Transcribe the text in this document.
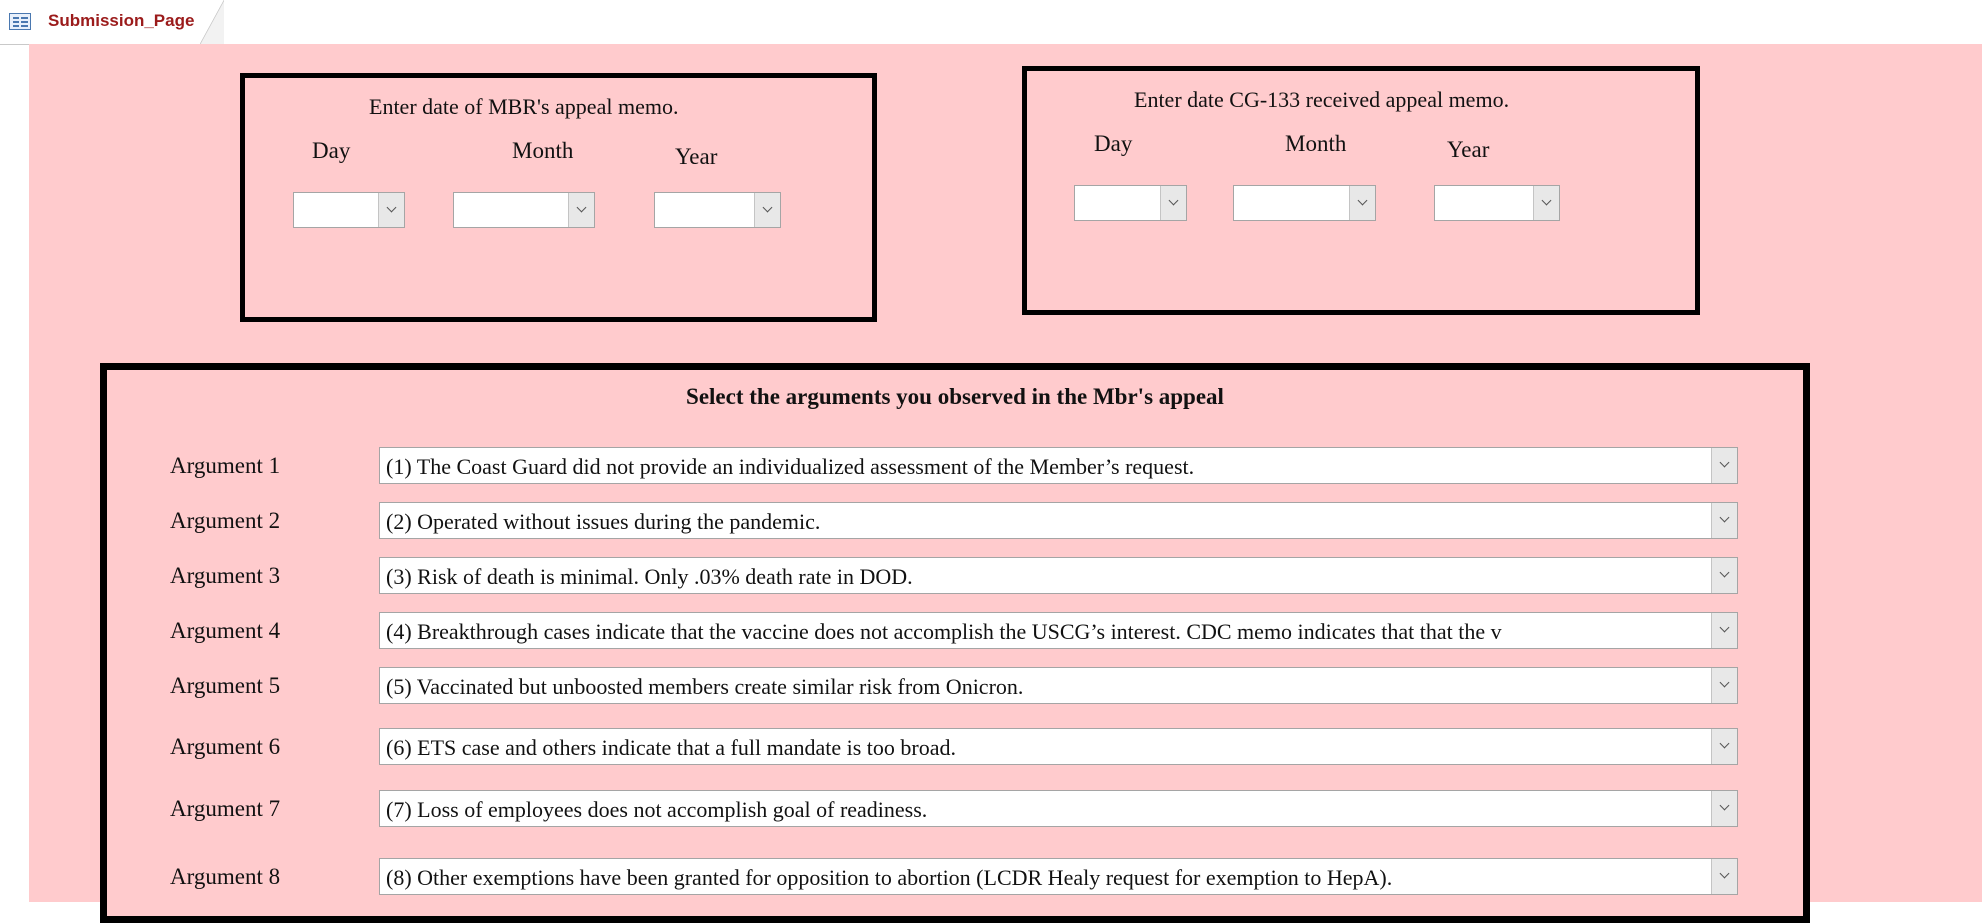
Submission_Page
Enter date of MBR's appeal memo.
Day	Month	Year
Enter date CG-133 received appeal memo.
Day	Month	Year
Select the arguments you observed in the Mbr's appeal
Argument 1	(1) The Coast Guard did not provide an individualized assessment of the Member’s request.
Argument 2	(2) Operated without issues during the pandemic.
Argument 3	(3) Risk of death is minimal. Only .03% death rate in DOD.
Argument 4	(4) Breakthrough cases indicate that the vaccine does not accomplish the USCG’s interest. CDC memo indicates that that the v
Argument 5	(5) Vaccinated but unboosted members create similar risk from Onicron.
Argument 6	(6) ETS case and others indicate that a full mandate is too broad.
Argument 7	(7) Loss of employees does not accomplish goal of readiness.
Argument 8	(8) Other exemptions have been granted for opposition to abortion (LCDR Healy request for exemption to HepA).
